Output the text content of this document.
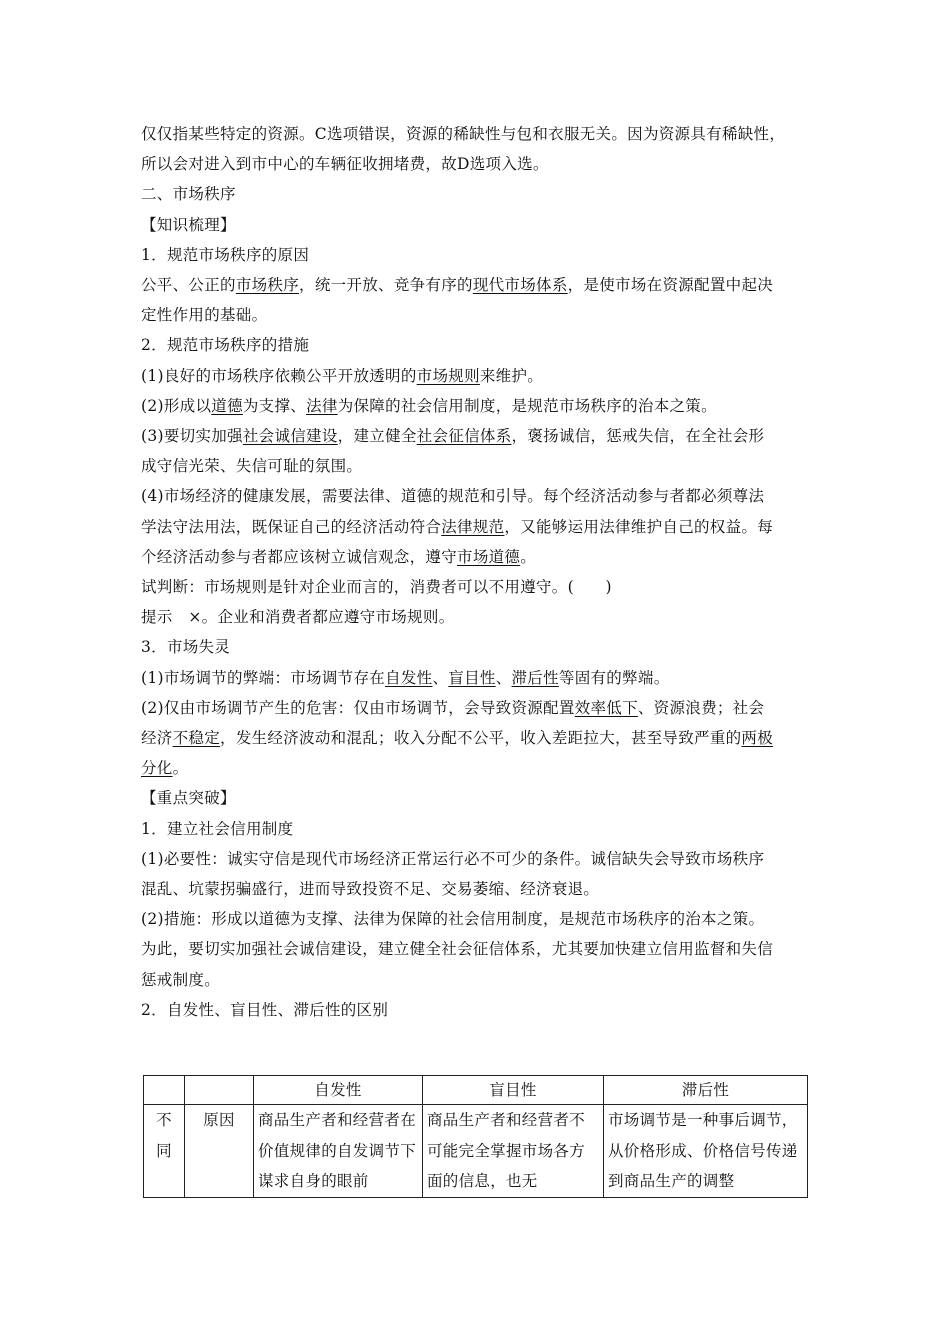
仅仅指某些特定的资源。C选项错误，资源的稀缺性与包和衣服无关。因为资源具有稀缺性，
所以会对进入到市中心的车辆征收拥堵费，故D选项入选。
二、市场秩序
【知识梳理】
1．规范市场秩序的原因
公平、公正的市场秩序，统一开放、竞争有序的现代市场体系，是使市场在资源配置中起决
定性作用的基础。
2．规范市场秩序的措施
(1)良好的市场秩序依赖公平开放透明的市场规则来维护。
(2)形成以道德为支撑、法律为保障的社会信用制度，是规范市场秩序的治本之策。
(3)要切实加强社会诚信建设，建立健全社会征信体系，褒扬诚信，惩戒失信，在全社会形
成守信光荣、失信可耻的氛围。
(4)市场经济的健康发展，需要法律、道德的规范和引导。每个经济活动参与者都必须尊法
学法守法用法，既保证自己的经济活动符合法律规范，又能够运用法律维护自己的权益。每
个经济活动参与者都应该树立诚信观念，遵守市场道德。
试判断：市场规则是针对企业而言的，消费者可以不用遵守。(　　)
提示　×。企业和消费者都应遵守市场规则。
3．市场失灵
(1)市场调节的弊端：市场调节存在自发性、盲目性、滞后性等固有的弊端。
(2)仅由市场调节产生的危害：仅由市场调节，会导致资源配置效率低下、资源浪费；社会
经济不稳定，发生经济波动和混乱；收入分配不公平，收入差距拉大，甚至导致严重的两极
分化。
【重点突破】
1．建立社会信用制度
(1)必要性：诚实守信是现代市场经济正常运行必不可少的条件。诚信缺失会导致市场秩序
混乱、坑蒙拐骗盛行，进而导致投资不足、交易萎缩、经济衰退。
(2)措施：形成以道德为支撑、法律为保障的社会信用制度，是规范市场秩序的治本之策。
为此，要切实加强社会诚信建设，建立健全社会征信体系，尤其要加快建立信用监督和失信
惩戒制度。
2．自发性、盲目性、滞后性的区别
		自发性	盲目性	滞后性
不同	原因	商品生产者和经营者在价值规律的自发调节下谋求自身的眼前	商品生产者和经营者不可能完全掌握市场各方面的信息，也无	市场调节是一种事后调节，从价格形成、价格信号传递到商品生产的调整
